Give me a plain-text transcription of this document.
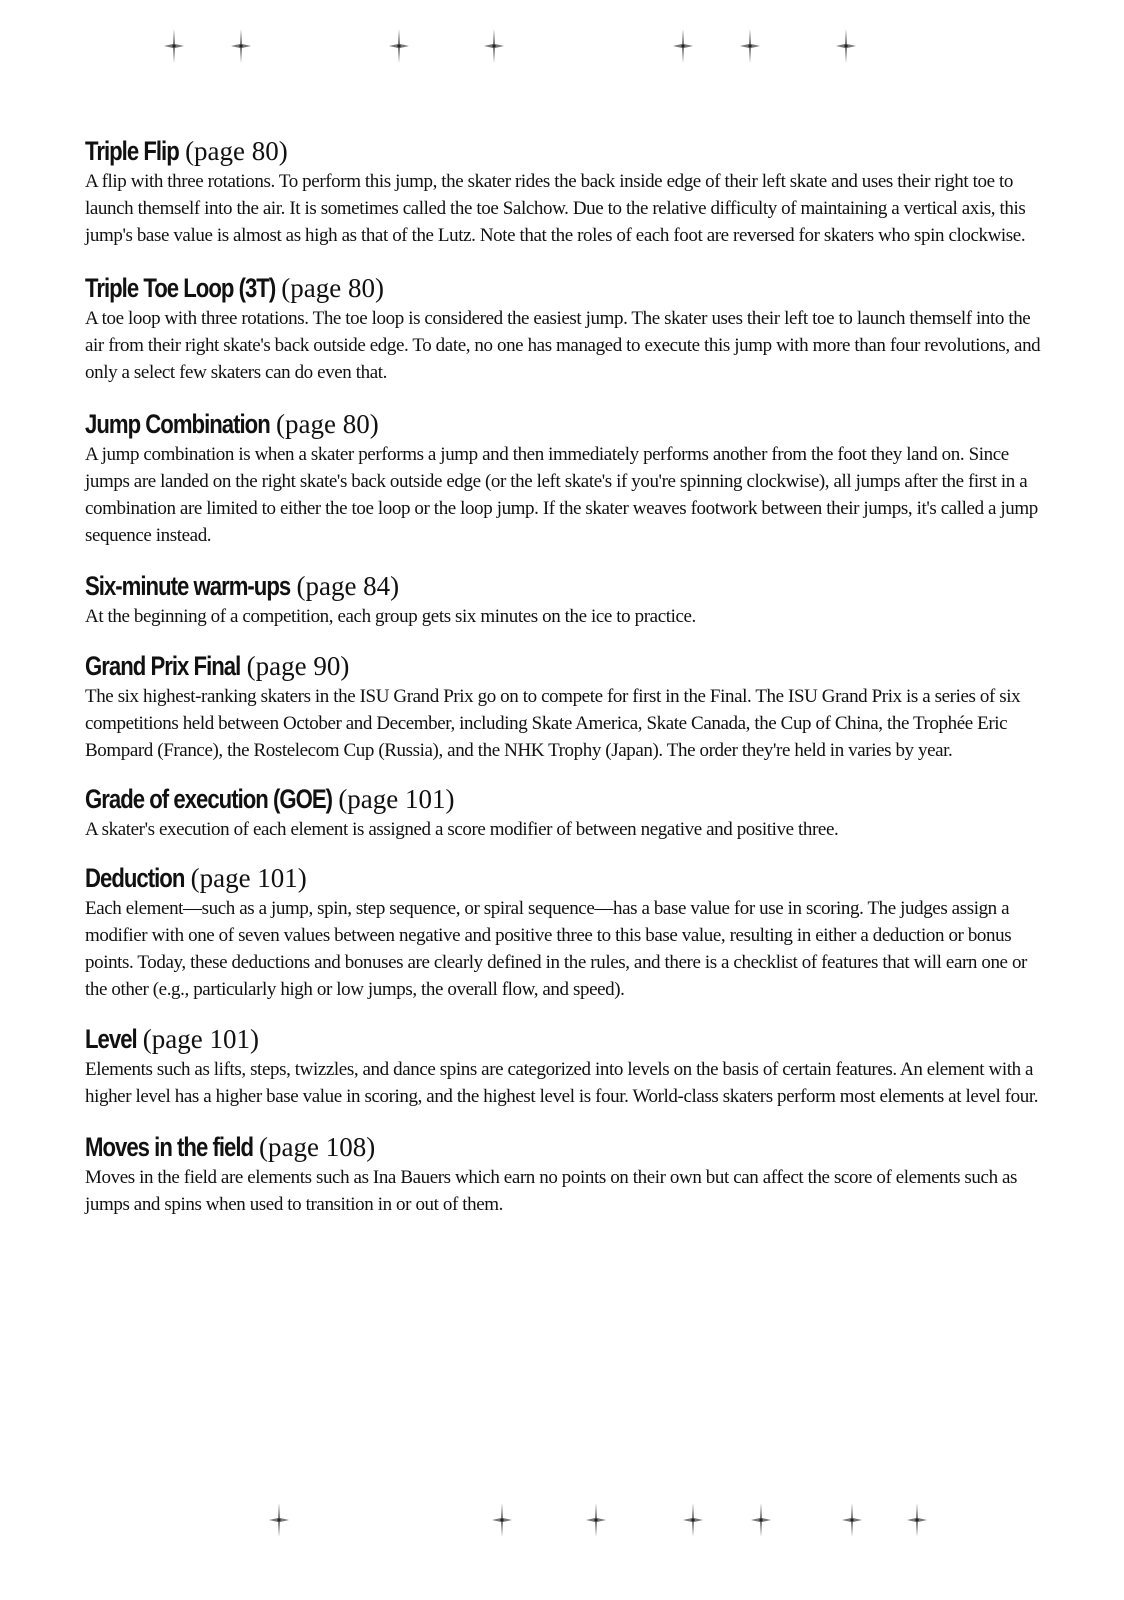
Triple Flip (page 80)

A flip with three rotations. To perform this jump, the skater rides the back inside edge of their left skate and uses their right toe to launch themself into the air. It is sometimes called the toe Salchow. Due to the relative difficulty of maintaining a vertical axis, this jump's base value is almost as high as that of the Lutz. Note that the roles of each foot are reversed for skaters who spin clockwise.

Triple Toe Loop (3T) (page 80)

A toe loop with three rotations. The toe loop is considered the easiest jump. The skater uses their left toe to launch themself into the air from their right skate's back outside edge. To date, no one has managed to execute this jump with more than four revolutions, and only a select few skaters can do even that.

Jump Combination (page 80)

A jump combination is when a skater performs a jump and then immediately performs another from the foot they land on. Since jumps are landed on the right skate's back outside edge (or the left skate's if you're spinning clockwise), all jumps after the first in a combination are limited to either the toe loop or the loop jump. If the skater weaves footwork between their jumps, it's called a jump sequence instead.

Six-minute warm-ups (page 84)

At the beginning of a competition, each group gets six minutes on the ice to practice.

Grand Prix Final (page 90)

The six highest-ranking skaters in the ISU Grand Prix go on to compete for first in the Final. The ISU Grand Prix is a series of six competitions held between October and December, including Skate America, Skate Canada, the Cup of China, the Trophée Eric Bompard (France), the Rostelecom Cup (Russia), and the NHK Trophy (Japan). The order they're held in varies by year.

Grade of execution (GOE) (page 101)

A skater's execution of each element is assigned a score modifier of between negative and positive three.

Deduction (page 101)

Each element—such as a jump, spin, step sequence, or spiral sequence—has a base value for use in scoring. The judges assign a modifier with one of seven values between negative and positive three to this base value, resulting in either a deduction or bonus points. Today, these deductions and bonuses are clearly defined in the rules, and there is a checklist of features that will earn one or the other (e.g., particularly high or low jumps, the overall flow, and speed).

Level (page 101)

Elements such as lifts, steps, twizzles, and dance spins are categorized into levels on the basis of certain features. An element with a higher level has a higher base value in scoring, and the highest level is four. World-class skaters perform most elements at level four.

Moves in the field (page 108)

Moves in the field are elements such as Ina Bauers which earn no points on their own but can affect the score of elements such as jumps and spins when used to transition in or out of them.
